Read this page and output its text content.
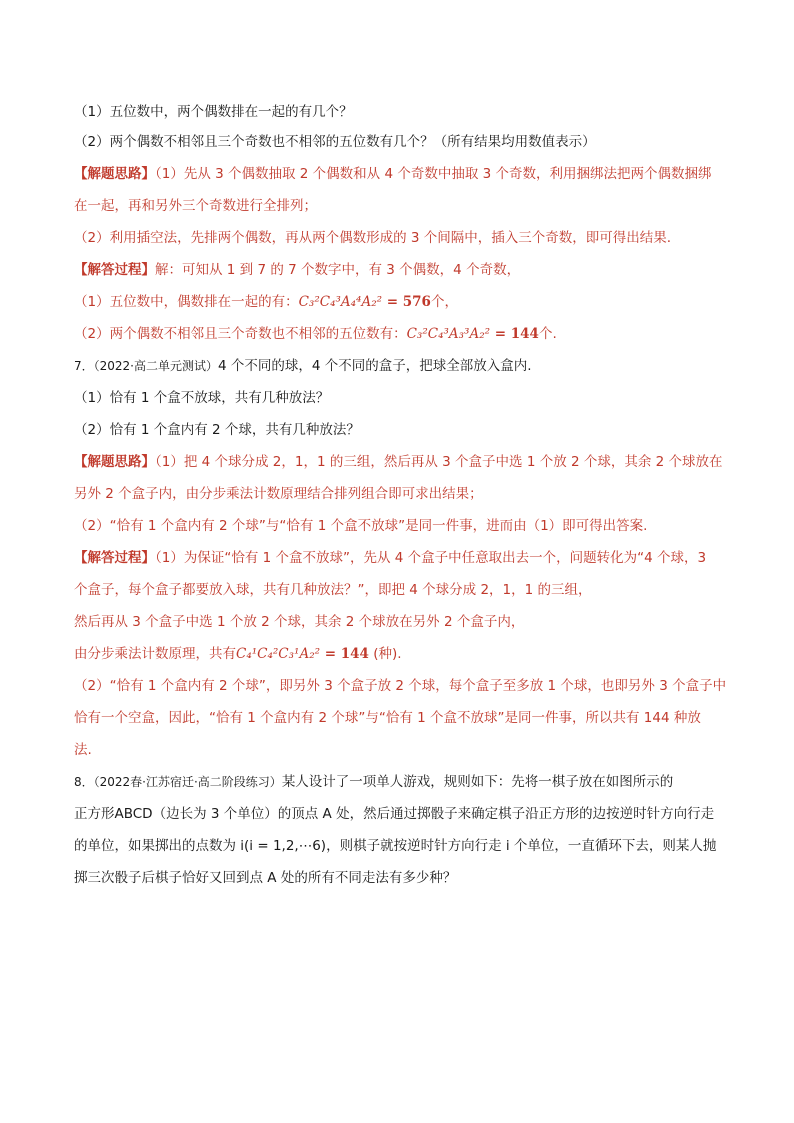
（1）五位数中，两个偶数排在一起的有几个？
（2）两个偶数不相邻且三个奇数也不相邻的五位数有几个？（所有结果均用数值表示）
【解题思路】（1）先从 3 个偶数抽取 2 个偶数和从 4 个奇数中抽取 3 个奇数，利用捆绑法把两个偶数捆绑
在一起，再和另外三个奇数进行全排列；
（2）利用插空法，先排两个偶数，再从两个偶数形成的 3 个间隔中，插入三个奇数，即可得出结果.
【解答过程】解：可知从 1 到 7 的 7 个数字中，有 3 个偶数，4 个奇数，
（1）五位数中，偶数排在一起的有：C₃²C₄³A₄⁴A₂² = 576个，
（2）两个偶数不相邻且三个奇数也不相邻的五位数有：C₃²C₄³A₃³A₂² = 144个.
7．（2022·高二单元测试）4 个不同的球，4 个不同的盒子，把球全部放入盒内.
（1）恰有 1 个盒不放球，共有几种放法？
（2）恰有 1 个盒内有 2 个球，共有几种放法？
【解题思路】（1）把 4 个球分成 2，1，1 的三组，然后再从 3 个盒子中选 1 个放 2 个球，其余 2 个球放在
另外 2 个盒子内，由分步乘法计数原理结合排列组合即可求出结果；
（2）“恰有 1 个盒内有 2 个球”与“恰有 1 个盒不放球”是同一件事，进而由（1）即可得出答案.
【解答过程】（1）为保证“恰有 1 个盒不放球”，先从 4 个盒子中任意取出去一个，问题转化为“4 个球，3
个盒子，每个盒子都要放入球，共有几种放法？”，即把 4 个球分成 2，1，1 的三组，
然后再从 3 个盒子中选 1 个放 2 个球，其余 2 个球放在另外 2 个盒子内，
由分步乘法计数原理，共有C₄¹C₄²C₃¹A₂² = 144 (种).
（2）“恰有 1 个盒内有 2 个球”，即另外 3 个盒子放 2 个球，每个盒子至多放 1 个球，也即另外 3 个盒子中
恰有一个空盒，因此，“恰有 1 个盒内有 2 个球”与“恰有 1 个盒不放球”是同一件事，所以共有 144 种放
法.
8．（2022春·江苏宿迁·高二阶段练习）某人设计了一项单人游戏，规则如下：先将一棋子放在如图所示的
正方形ABCD（边长为 3 个单位）的顶点 A 处，然后通过掷骰子来确定棋子沿正方形的边按逆时针方向行走
的单位，如果掷出的点数为 i(i = 1,2,⋯6)，则棋子就按逆时针方向行走 i 个单位，一直循环下去，则某人抛
掷三次骰子后棋子恰好又回到点 A 处的所有不同走法有多少种？
